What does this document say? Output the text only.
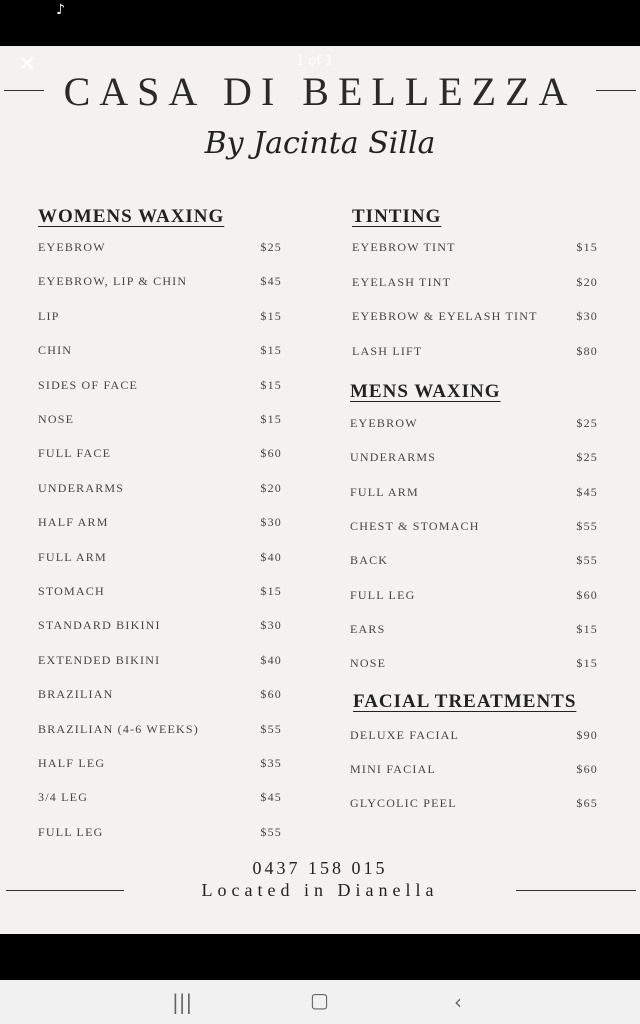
♪
✕	1 of 1
CASA DI BELLEZZA
By Jacinta Silla
WOMENS WAXING
EYEBROW	$25
EYEBROW, LIP & CHIN	$45
LIP	$15
CHIN	$15
SIDES OF FACE	$15
NOSE	$15
FULL FACE	$60
UNDERARMS	$20
HALF ARM	$30
FULL ARM	$40
STOMACH	$15
STANDARD BIKINI	$30
EXTENDED BIKINI	$40
BRAZILIAN	$60
BRAZILIAN (4-6 WEEKS)	$55
HALF LEG	$35
3/4 LEG	$45
FULL LEG	$55
TINTING
EYEBROW TINT	$15
EYELASH TINT	$20
EYEBROW & EYELASH TINT	$30
LASH LIFT	$80
MENS WAXING
EYEBROW	$25
UNDERARMS	$25
FULL ARM	$45
CHEST & STOMACH	$55
BACK	$55
FULL LEG	$60
EARS	$15
NOSE	$15
FACIAL TREATMENTS
DELUXE FACIAL	$90
MINI FACIAL	$60
GLYCOLIC PEEL	$65
0437 158 015
Located in Dianella
|||	▢	‹
